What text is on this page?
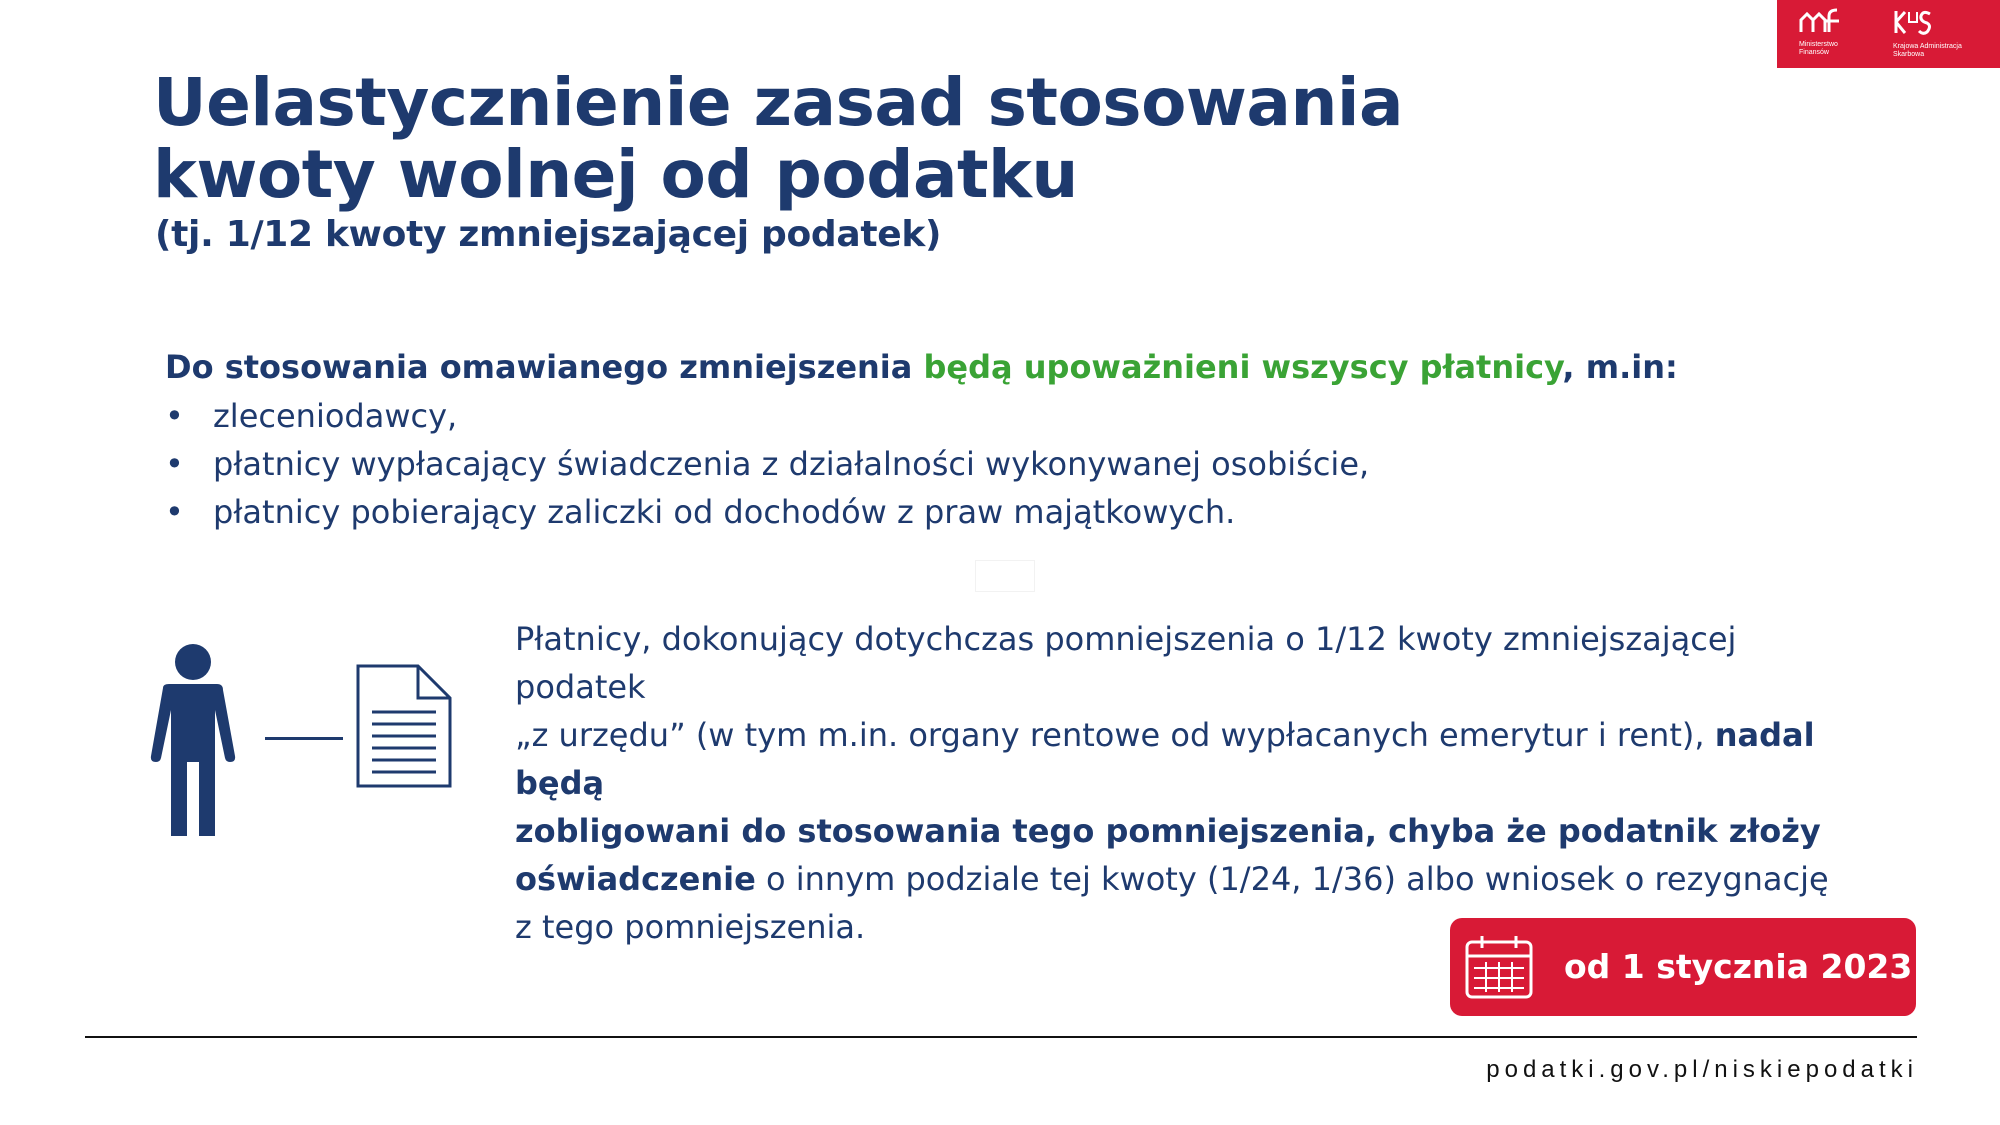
Ministerstwo
Finansów
Krajowa Administracja
Skarbowa
Uelastycznienie zasad stosowania
kwoty wolnej od podatku

(tj. 1/12 kwoty zmniejszającej podatek)

Do stosowania omawianego zmniejszenia będą upoważnieni wszyscy płatnicy, m.in:
• zleceniodawcy,
• płatnicy wypłacający świadczenia z działalności wykonywanej osobiście,
• płatnicy pobierający zaliczki od dochodów z praw majątkowych.

Płatnicy, dokonujący dotychczas pomniejszenia o 1/12 kwoty zmniejszającej podatek
„z urzędu” (w tym m.in. organy rentowe od wypłacanych emerytur i rent), nadal będą
zobligowani do stosowania tego pomniejszenia, chyba że podatnik złoży
oświadczenie o innym podziale tej kwoty (1/24, 1/36) albo wniosek o rezygnację
z tego pomniejszenia.

od 1 stycznia 2023 r.
podatki.gov.pl/niskiepodatki
